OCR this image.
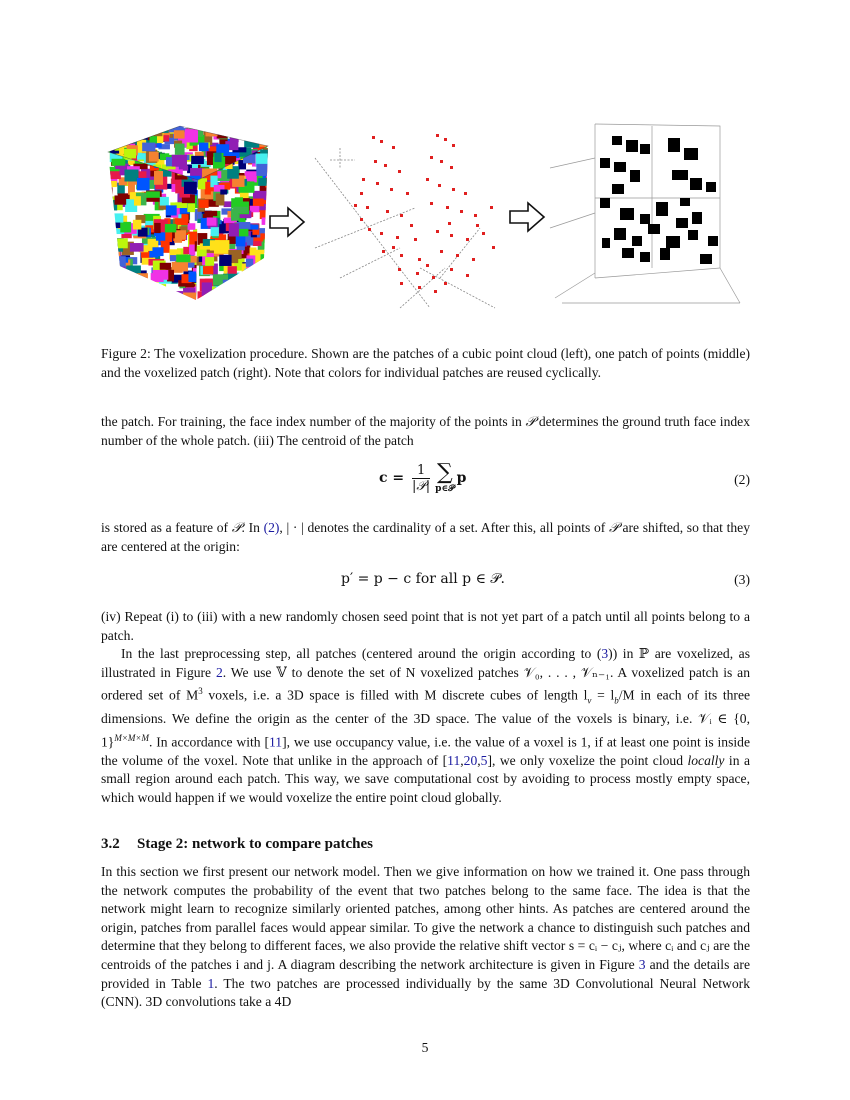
Figure 2: The voxelization procedure. Shown are the patches of a cubic point cloud (left), one patch of points (middle) and the voxelized patch (right). Note that colors for individual patches are reused cyclically.
the patch. For training, the face index number of the majority of the points in 𝒫 determines the ground truth face index number of the whole patch. (iii) The centroid of the patch
$c = \frac{1}{\text{|𝒫|}}$ ∑
p∈𝒫
p	(2)
is stored as a feature of 𝒫. In (2), | · | denotes the cardinality of a set. After this, all points of 𝒫 are shifted, so that they are centered at the origin:
p′ = p − c for all p ∈ 𝒫.	(3)
(iv) Repeat (i) to (iii) with a new randomly chosen seed point that is not yet part of a patch until all points belong to a patch.
In the last preprocessing step, all patches (centered around the origin according to (3)) in ℙ are voxelized, as illustrated in Figure 2. We use 𝕍 to denote the set of N voxelized patches 𝒱₀, . . . , 𝒱ₙ₋₁. A voxelized patch is an ordered set of $M^3$ voxels, i.e. a 3D space is filled with M discrete cubes of length $l_v = l_b/M$ in each of its three dimensions. We define the origin as the center of the 3D space. The value of the voxels is binary, i.e. 𝒱ᵢ ∈ {0, 1}$^{M\times M\times M}$. In accordance with [11], we use occupancy value, i.e. the value of a voxel is 1, if at least one point is inside the volume of the voxel. Note that unlike in the approach of [11,20,5], we only voxelize the point cloud locally in a small region around each patch. This way, we save computational cost by avoiding to process mostly empty space, which would happen if we would voxelize the entire point cloud globally.
3.2 Stage 2: network to compare patches
In this section we first present our network model. Then we give information on how we trained it. One pass through the network computes the probability of the event that two patches belong to the same face. The idea is that the network might learn to recognize similarly oriented patches, among other hints. As patches are centered around the origin, patches from parallel faces would appear similar. To give the network a chance to distinguish such patches and determine that they belong to different faces, we also provide the relative shift vector s = cᵢ − cⱼ, where cᵢ and cⱼ are the centroids of the patches i and j. A diagram describing the network architecture is given in Figure 3 and the details are provided in Table 1. The two patches are processed individually by the same 3D Convolutional Neural Network (CNN). 3D convolutions take a 4D
5
